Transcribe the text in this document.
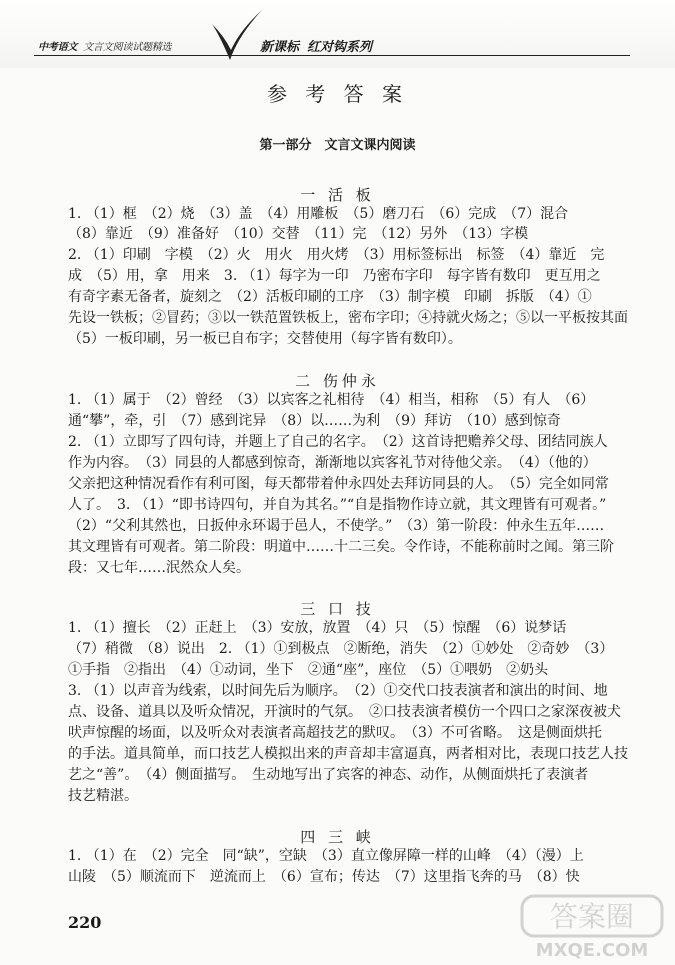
中考语文 文言文阅读试题精选	新课标 红对钩系列
参 考 答 案
第一部分　文言文课内阅读
一 活 板
1. （1）框　（2）烧　（3）盖　（4）用雕板　（5）磨刀石　（6）完成　（7）混合
（8）靠近　（9）准备好　（10）交替　（11）完　（12）另外　（13）字模
2. （1）印刷　字模　（2）火　用火　用火烤　（3）用标签标出　标签　（4）靠近　完
成　（5）用，拿　用来　3. （1）每字为一印　乃密布字印　每字皆有数印　更互用之
有奇字素无备者，旋刻之　（2）活板印刷的工序　（3）制字模　印刷　拆版　（4）①
先设一铁板；②冒药；③以一铁范置铁板上，密布字印；④持就火炀之；⑤以一平板按其面
（5）一板印刷，另一板已自布字；交替使用（每字皆有数印）。
二 伤仲永
1. （1）属于　（2）曾经　（3）以宾客之礼相待　（4）相当，相称　（5）有人　（6）
通“攀”，牵，引　（7）感到诧异　（8）以……为利　（9）拜访　（10）感到惊奇
2. （1）立即写了四句诗，并题上了自己的名字。　（2）这首诗把赡养父母、团结同族人
作为内容。　（3）同县的人都感到惊奇，渐渐地以宾客礼节对待他父亲。　（4）（他的）
父亲把这种情况看作有利可图，每天都带着仲永四处去拜访同县的人。　（5）完全如同常
人了。　3. （1）“即书诗四句，并自为其名。”“自是指物作诗立就，其文理皆有可观者。”
（2）“父利其然也，日扳仲永环谒于邑人，不使学。”　（3）第一阶段：仲永生五年……
其文理皆有可观者。第二阶段：明道中……十二三矣。令作诗，不能称前时之闻。第三阶
段：又七年……泯然众人矣。
三 口 技
1. （1）擅长　（2）正赶上　（3）安放，放置　（4）只　（5）惊醒　（6）说梦话
（7）稍微　（8）说出　2. （1）①到极点　②断绝，消失　（2）①妙处　②奇妙　（3）
①手指　②指出　（4）①动词，坐下　②通“座”，座位　（5）①喂奶　②奶头
3. （1）以声音为线索，以时间先后为顺序。　（2）①交代口技表演者和演出的时间、地
点、设备、道具以及听众情况，开演时的气氛。　②口技表演者模仿一个四口之家深夜被犬
吠声惊醒的场面，以及听众对表演者高超技艺的默叹。　（3）不可省略。　这是侧面烘托
的手法。道具简单，而口技艺人模拟出来的声音却丰富逼真，两者相对比，表现口技艺人技
艺之“善”。　（4）侧面描写。　生动地写出了宾客的神态、动作，从侧面烘托了表演者
技艺精湛。
四 三 峡
1. （1）在　（2）完全　同“缺”，空缺　（3）直立像屏障一样的山峰　（4）（漫）上
山陵　（5）顺流而下　逆流而上　（6）宣布；传达　（7）这里指飞奔的马　（8）快
220	答案圈
MXQE.COM
